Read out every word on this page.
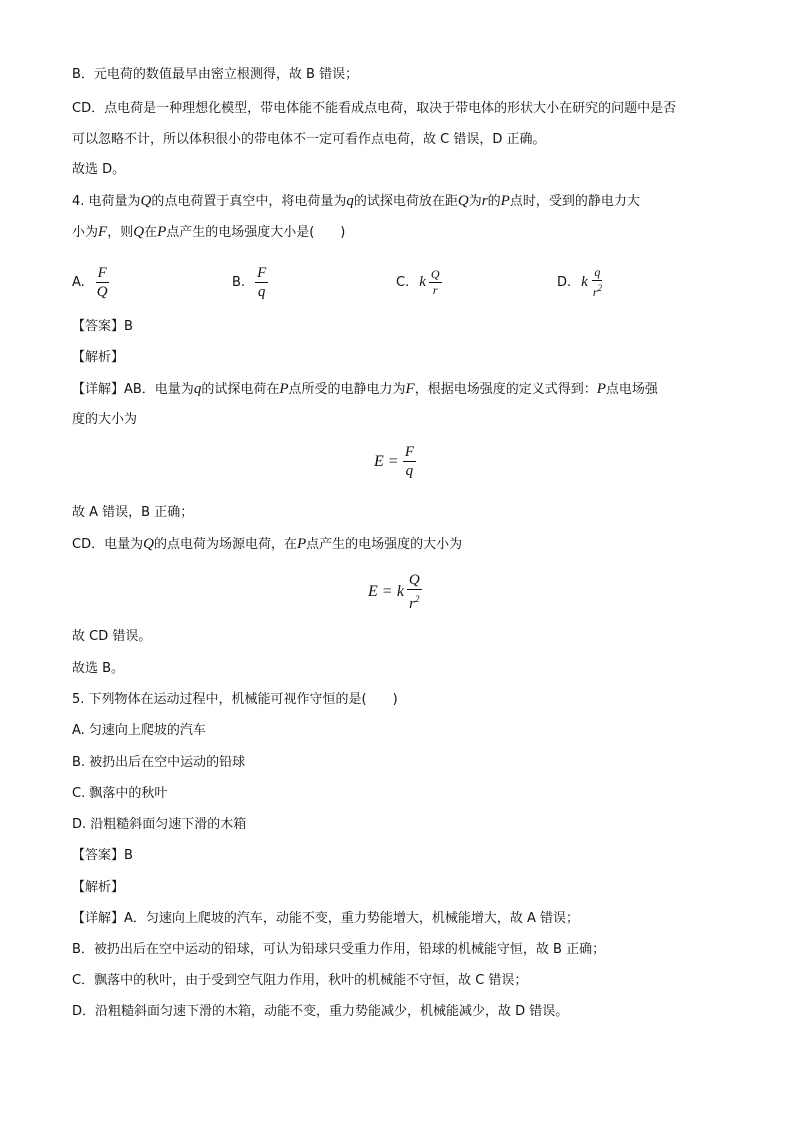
B．元电荷的数值最早由密立根测得，故 B 错误；
CD．点电荷是一种理想化模型，带电体能不能看成点电荷，取决于带电体的形状大小在研究的问题中是否
可以忽略不计，所以体积很小的带电体不一定可看作点电荷，故 C 错误，D 正确。
故选 D。
4. 电荷量为Q的点电荷置于真空中，将电荷量为q的试探电荷放在距Q为r的P点时，受到的静电力大
小为F，则Q在P点产生的电场强度大小是(　　)
A. $\frac{F}{Q}$	B. $\frac{F}{q}$	C. k $\frac{Q}{r}$	D. k $\frac{q}{r^2}$
【答案】B
【解析】
【详解】AB．电量为q的试探电荷在P点所受的电静电力为F，根据电场强度的定义式得到：P点电场强
度的大小为
$E = \frac{F}{q}$
故 A 错误，B 正确；
CD．电量为Q的点电荷为场源电荷，在P点产生的电场强度的大小为
E = k $\frac{Q}{r^2}$
故 CD 错误。
故选 B。
5. 下列物体在运动过程中，机械能可视作守恒的是(　　)
A. 匀速向上爬坡的汽车
B. 被扔出后在空中运动的铅球
C. 飘落中的秋叶
D. 沿粗糙斜面匀速下滑的木箱
【答案】B
【解析】
【详解】A．匀速向上爬坡的汽车，动能不变，重力势能增大，机械能增大，故 A 错误；
B．被扔出后在空中运动的铅球，可认为铅球只受重力作用，铅球的机械能守恒，故 B 正确；
C．飘落中的秋叶，由于受到空气阻力作用，秋叶的机械能不守恒，故 C 错误；
D．沿粗糙斜面匀速下滑的木箱，动能不变，重力势能减少，机械能减少，故 D 错误。
